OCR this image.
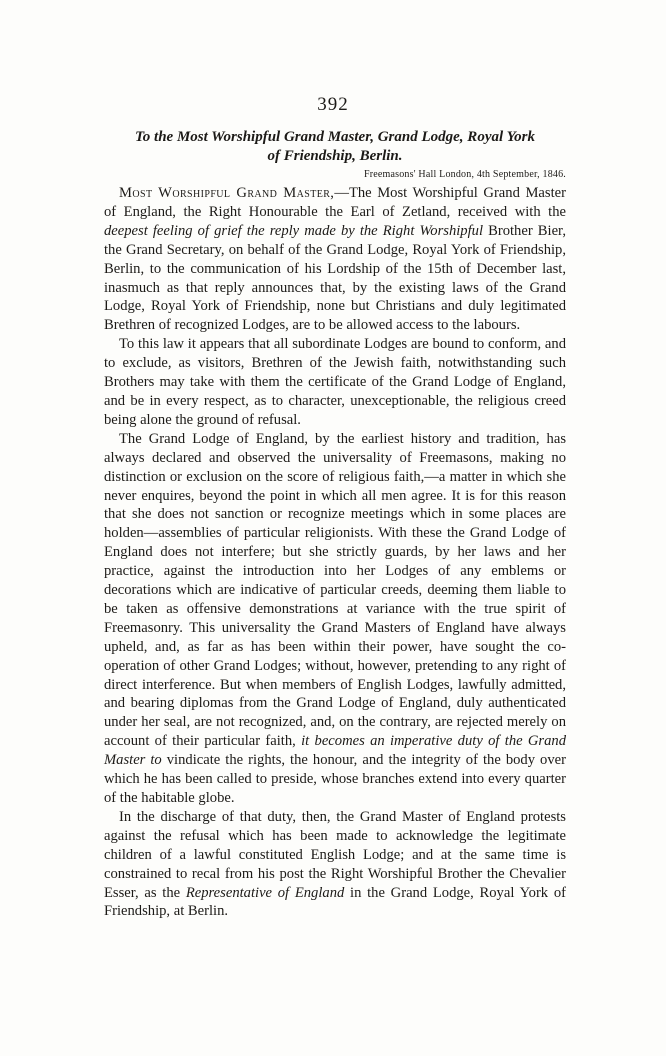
392
To the Most Worshipful Grand Master, Grand Lodge, Royal York
of Friendship, Berlin.
Freemasons' Hall London, 4th September, 1846.

Most Worshipful Grand Master,—The Most Worshipful Grand Master of England, the Right Honourable the Earl of Zetland, received with the deepest feeling of grief the reply made by the Right Worshipful Brother Bier, the Grand Secretary, on behalf of the Grand Lodge, Royal York of Friendship, Berlin, to the communication of his Lordship of the 15th of December last, inasmuch as that reply announces that, by the existing laws of the Grand Lodge, Royal York of Friendship, none but Christians and duly legitimated Brethren of recognized Lodges, are to be allowed access to the labours.

To this law it appears that all subordinate Lodges are bound to conform, and to exclude, as visitors, Brethren of the Jewish faith, notwithstanding such Brothers may take with them the certificate of the Grand Lodge of England, and be in every respect, as to character, unexceptionable, the religious creed being alone the ground of refusal.

The Grand Lodge of England, by the earliest history and tradition, has always declared and observed the universality of Freemasons, making no distinction or exclusion on the score of religious faith,—a matter in which she never enquires, beyond the point in which all men agree. It is for this reason that she does not sanction or recognize meetings which in some places are holden—assemblies of particular religionists. With these the Grand Lodge of England does not interfere; but she strictly guards, by her laws and her practice, against the introduction into her Lodges of any emblems or decorations which are indicative of particular creeds, deeming them liable to be taken as offensive demonstrations at variance with the true spirit of Freemasonry. This universality the Grand Masters of England have always upheld, and, as far as has been within their power, have sought the co-operation of other Grand Lodges; without, however, pretending to any right of direct interference. But when members of English Lodges, lawfully admitted, and bearing diplomas from the Grand Lodge of England, duly authenticated under her seal, are not recognized, and, on the contrary, are rejected merely on account of their particular faith, it becomes an imperative duty of the Grand Master to vindicate the rights, the honour, and the integrity of the body over which he has been called to preside, whose branches extend into every quarter of the habitable globe.

In the discharge of that duty, then, the Grand Master of England protests against the refusal which has been made to acknowledge the legitimate children of a lawful constituted English Lodge; and at the same time is constrained to recal from his post the Right Worshipful Brother the Chevalier Esser, as the Representative of England in the Grand Lodge, Royal York of Friendship, at Berlin.
